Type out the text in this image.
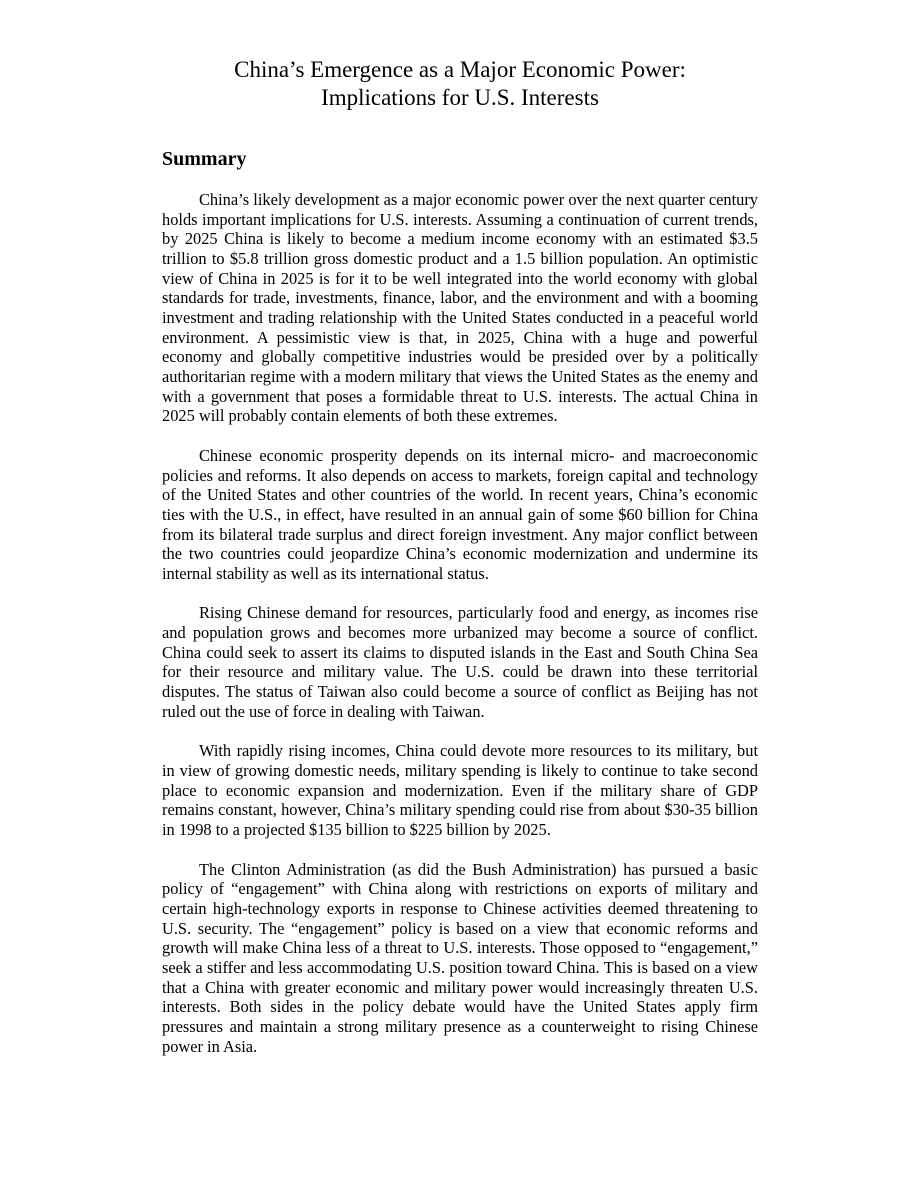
China’s Emergence as a Major Economic Power:
Implications for U.S. Interests
Summary

China’s likely development as a major economic power over the next quarter century holds important implications for U.S. interests. Assuming a continuation of current trends, by 2025 China is likely to become a medium income economy with an estimated $3.5 trillion to $5.8 trillion gross domestic product and a 1.5 billion population. An optimistic view of China in 2025 is for it to be well integrated into the world economy with global standards for trade, investments, finance, labor, and the environment and with a booming investment and trading relationship with the United States conducted in a peaceful world environment. A pessimistic view is that, in 2025, China with a huge and powerful economy and globally competitive industries would be presided over by a politically authoritarian regime with a modern military that views the United States as the enemy and with a government that poses a formidable threat to U.S. interests. The actual China in 2025 will probably contain elements of both these extremes.

Chinese economic prosperity depends on its internal micro- and macroeconomic policies and reforms. It also depends on access to markets, foreign capital and technology of the United States and other countries of the world. In recent years, China’s economic ties with the U.S., in effect, have resulted in an annual gain of some $60 billion for China from its bilateral trade surplus and direct foreign investment. Any major conflict between the two countries could jeopardize China’s economic modernization and undermine its internal stability as well as its international status.

Rising Chinese demand for resources, particularly food and energy, as incomes rise and population grows and becomes more urbanized may become a source of conflict. China could seek to assert its claims to disputed islands in the East and South China Sea for their resource and military value. The U.S. could be drawn into these territorial disputes. The status of Taiwan also could become a source of conflict as Beijing has not ruled out the use of force in dealing with Taiwan.

With rapidly rising incomes, China could devote more resources to its military, but in view of growing domestic needs, military spending is likely to continue to take second place to economic expansion and modernization. Even if the military share of GDP remains constant, however, China’s military spending could rise from about $30-35 billion in 1998 to a projected $135 billion to $225 billion by 2025.

The Clinton Administration (as did the Bush Administration) has pursued a basic policy of “engagement” with China along with restrictions on exports of military and certain high-technology exports in response to Chinese activities deemed threatening to U.S. security. The “engagement” policy is based on a view that economic reforms and growth will make China less of a threat to U.S. interests. Those opposed to “engagement,” seek a stiffer and less accommodating U.S. position toward China. This is based on a view that a China with greater economic and military power would increasingly threaten U.S. interests. Both sides in the policy debate would have the United States apply firm pressures and maintain a strong military presence as a counterweight to rising Chinese power in Asia.
